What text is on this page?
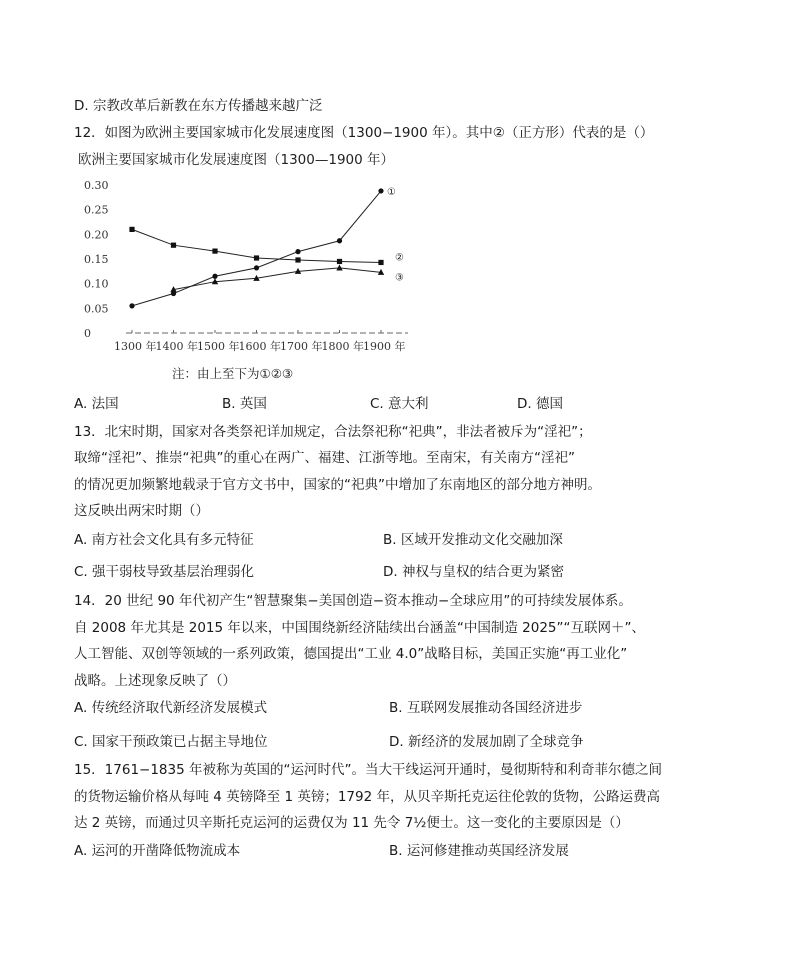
D. 宗教改革后新教在东方传播越来越广泛
12．如图为欧洲主要国家城市化发展速度图（1300−1900 年）。其中②（正方形）代表的是（）
欧洲主要国家城市化发展速度图（1300—1900 年）
0
0.05
0.10
0.15
0.20
0.25
0.30
1300 年 1400 年 1500 年 1600 年 1700 年 1800 年 1900 年
①
②
③
注：由上至下为①②③
A. 法国	B. 英国	C. 意大利	D. 德国
13．北宋时期，国家对各类祭祀详加规定，合法祭祀称“祀典”，非法者被斥为“淫祀”；
取缔“淫祀”、推崇“祀典”的重心在两广、福建、江浙等地。至南宋，有关南方“淫祀”
的情况更加频繁地载录于官方文书中，国家的“祀典”中增加了东南地区的部分地方神明。
这反映出两宋时期（）
A. 南方社会文化具有多元特征	B. 区域开发推动文化交融加深
C. 强干弱枝导致基层治理弱化	D. 神权与皇权的结合更为紧密
14．20 世纪 90 年代初产生“智慧聚集−美国创造−资本推动−全球应用”的可持续发展体系。
自 2008 年尤其是 2015 年以来，中国围绕新经济陆续出台涵盖“中国制造 2025”“互联网＋”、
人工智能、双创等领域的一系列政策，德国提出“工业 4.0”战略目标，美国正实施“再工业化”
战略。上述现象反映了（）
A. 传统经济取代新经济发展模式	B. 互联网发展推动各国经济进步
C. 国家干预政策已占据主导地位	D. 新经济的发展加剧了全球竞争
15．1761−1835 年被称为英国的“运河时代”。当大干线运河开通时，曼彻斯特和利奇菲尔德之间
的货物运输价格从每吨 4 英镑降至 1 英镑；1792 年，从贝辛斯托克运往伦敦的货物，公路运费高
达 2 英镑，而通过贝辛斯托克运河的运费仅为 11 先令 7½便士。这一变化的主要原因是（）
A. 运河的开凿降低物流成本	B. 运河修建推动英国经济发展
